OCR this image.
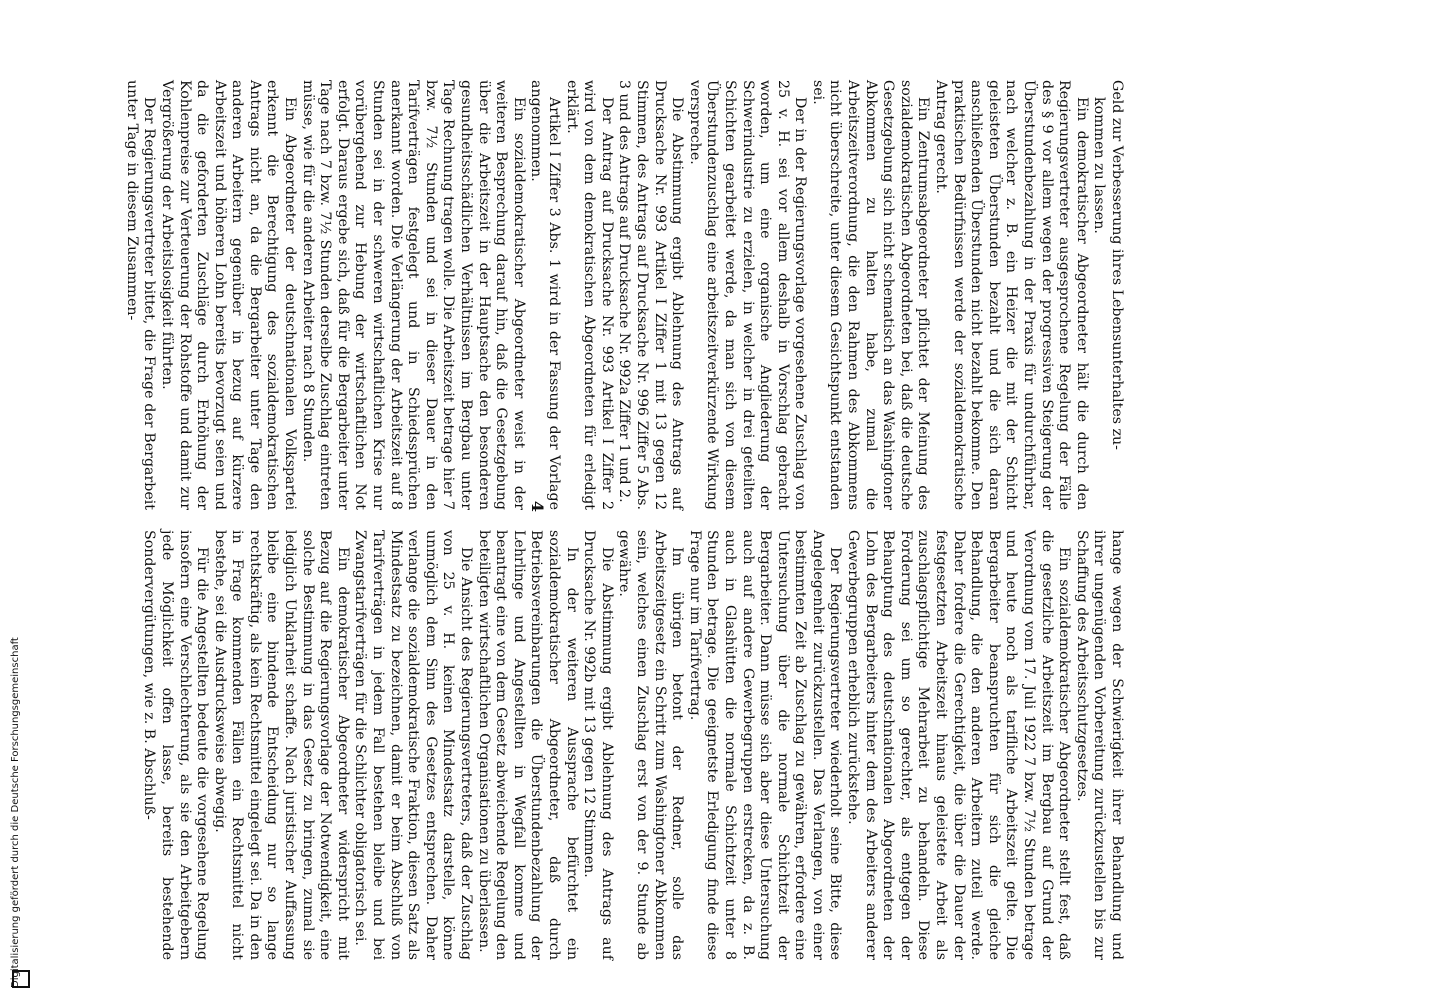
Digitalisierung gefördert durch die Deutsche Forschungsgemeinschaft
4

Geld zur Verbesserung ihres Lebensunterhaltes zu-

kommen zu lassen.

Ein demokratischer Abgeordneter hält die durch den Regierungsvertreter ausgesprochene Regelung der Fälle des § 9 vor allem wegen der progressiven Steigerung der Überstundenbezahlung in der Praxis für undurchführbar, nach welcher z. B. ein Heizer die mit der Schicht geleisteten Überstunden bezahlt und die sich daran anschließenden Überstunden nicht bezahlt bekomme. Den praktischen Bedürfnissen werde der sozialdemokratische Antrag gerecht.

Ein Zentrumsabgeordneter pflichtet der Meinung des sozialdemokratischen Abgeordneten bei, daß die deutsche Gesetzgebung sich nicht schematisch an das Washingtoner Abkommen zu halten habe, zumal die Arbeitszeitverordnung, die den Rahmen des Abkommens nicht überschreite, unter diesem Gesichtspunkt entstanden sei.

Der in der Regierungsvorlage vorgesehene Zuschlag von 25 v. H. sei vor allem deshalb in Vorschlag gebracht worden, um eine organische Angliederung der Schwerindustrie zu erzielen, in welcher in drei geteilten Schichten gearbeitet werde, da man sich von diesem Überstundenzuschlag eine arbeitszeitverkürzende Wirkung verspreche.

Die Abstimmung ergibt Ablehnung des Antrags auf Drucksache Nr. 993 Artikel I Ziffer 1 mit 13 gegen 12 Stimmen, des Antrags auf Drucksache Nr. 996 Ziffer 5 Abs. 3 und des Antrags auf Drucksache Nr. 992a Ziffer 1 und 2.

Der Antrag auf Drucksache Nr. 993 Artikel I Ziffer 2 wird von dem demokratischen Abgeordneten für erledigt erklärt.

Artikel I Ziffer 3 Abs. 1 wird in der Fassung der Vorlage angenommen.

Ein sozialdemokratischer Abgeordneter weist in der weiteren Besprechung darauf hin, daß die Gesetzgebung über die Arbeitszeit in der Hauptsache den besonderen gesundheitsschädlichen Verhältnissen im Bergbau unter Tage Rechnung tragen wolle. Die Arbeitszeit betrage hier 7 bzw. 7½ Stunden und sei in dieser Dauer in den Tarifverträgen festgelegt und in Schiedssprüchen anerkannt worden. Die Verlängerung der Arbeitszeit auf 8 Stunden sei in der schweren wirtschaftlichen Krise nur vorübergehend zur Hebung der wirtschaftlichen Not erfolgt. Daraus ergebe sich, daß für die Bergarbeiter unter Tage nach 7 bzw. 7½ Stunden derselbe Zuschlag eintreten müsse, wie für die anderen Arbeiter nach 8 Stunden.

Ein Abgeordneter der deutschnationalen Volkspartei erkennt die Berechtigung des sozialdemokratischen Antrags nicht an, da die Bergarbeiter unter Tage den anderen Arbeitern gegenüber in bezug auf kürzere Arbeitszeit und höheren Lohn bereits bevorzugt seien und da die geforderten Zuschläge durch Erhöhung der Kohlenpreise zur Verteuerung der Rohstoffe und damit zur Vergrößerung der Arbeitslosigkeit führten.

Der Regierungsvertreter bittet, die Frage der Bergarbeit unter Tage in diesem Zusammen-

hange wegen der Schwierigkeit ihrer Behandlung und ihrer ungenügenden Vorbereitung zurückzustellen bis zur Schaffung des Arbeitsschutzgesetzes.

Ein sozialdemokratischer Abgeordneter stellt fest, daß die gesetzliche Arbeitszeit im Bergbau auf Grund der Verordnung vom 17. Juli 1922 7 bzw. 7½ Stunden betrage und heute noch als tarifliche Arbeitszeit gelte. Die Bergarbeiter beanspruchten für sich die gleiche Behandlung, die den anderen Arbeitern zuteil werde. Daher fordere die Gerechtigkeit, die über die Dauer der festgesetzten Arbeitszeit hinaus geleistete Arbeit als zuschlagspflichtige Mehrarbeit zu behandeln. Diese Forderung sei um so gerechter, als entgegen der Behauptung des deutschnationalen Abgeordneten der Lohn des Bergarbeiters hinter dem des Arbeiters anderer Gewerbegruppen erheblich zurückstehe.

Der Regierungsvertreter wiederholt seine Bitte, diese Angelegenheit zurückzustellen. Das Verlangen, von einer bestimmten Zeit ab Zuschlag zu gewähren, erfordere eine Untersuchung über die normale Schichtzeit der Bergarbeiter. Dann müsse sich aber diese Untersuchung auch auf andere Gewerbegruppen erstrecken, da z. B. auch in Glashütten die normale Schichtzeit unter 8 Stunden betrage. Die geeignetste Erledigung finde diese Frage nur im Tarifvertrag.

Im übrigen betont der Redner, solle das Arbeitszeitgesetz ein Schritt zum Washingtoner Abkommen sein, welches einen Zuschlag erst von der 9. Stunde ab gewähre.

Die Abstimmung ergibt Ablehnung des Antrags auf Drucksache Nr. 992b mit 13 gegen 12 Stimmen.

In der weiteren Aussprache befürchtet ein sozialdemokratischer Abgeordneter, daß durch Betriebsvereinbarungen die Überstundenbezahlung der Lehrlinge und Angestellten in Wegfall komme und beantragt eine von dem Gesetz abweichende Regelung den beteiligten wirtschaftlichen Organisationen zu überlassen.

Die Ansicht des Regierungsvertreters, daß der Zuschlag von 25 v. H. keinen Mindestsatz darstelle, könne unmöglich dem Sinn des Gesetzes entsprechen. Daher verlange die sozialdemokratische Fraktion, diesen Satz als Mindestsatz zu bezeichnen, damit er beim Abschluß von Tarifverträgen in jedem Fall bestehen bleibe und bei Zwangstarifverträgen für die Schlichter obligatorisch sei.

Ein demokratischer Abgeordneter widerspricht mit Bezug auf die Regierungsvorlage der Notwendigkeit, eine solche Bestimmung in das Gesetz zu bringen, zumal sie lediglich Unklarheit schaffe. Nach juristischer Auffassung bleibe eine bindende Entscheidung nur so lange rechtskräftig, als kein Rechtsmittel eingelegt sei. Da in den in Frage kommenden Fällen ein Rechtsmittel nicht bestehe, sei die Ausdrucksweise abwegig.

Für die Angestellten bedeute die vorgesehene Regelung insofern eine Verschlechterung, als sie den Arbeitgebern jede Möglichkeit offen lasse, bereits bestehende Sondervergütungen, wie z. B. Abschluß-
